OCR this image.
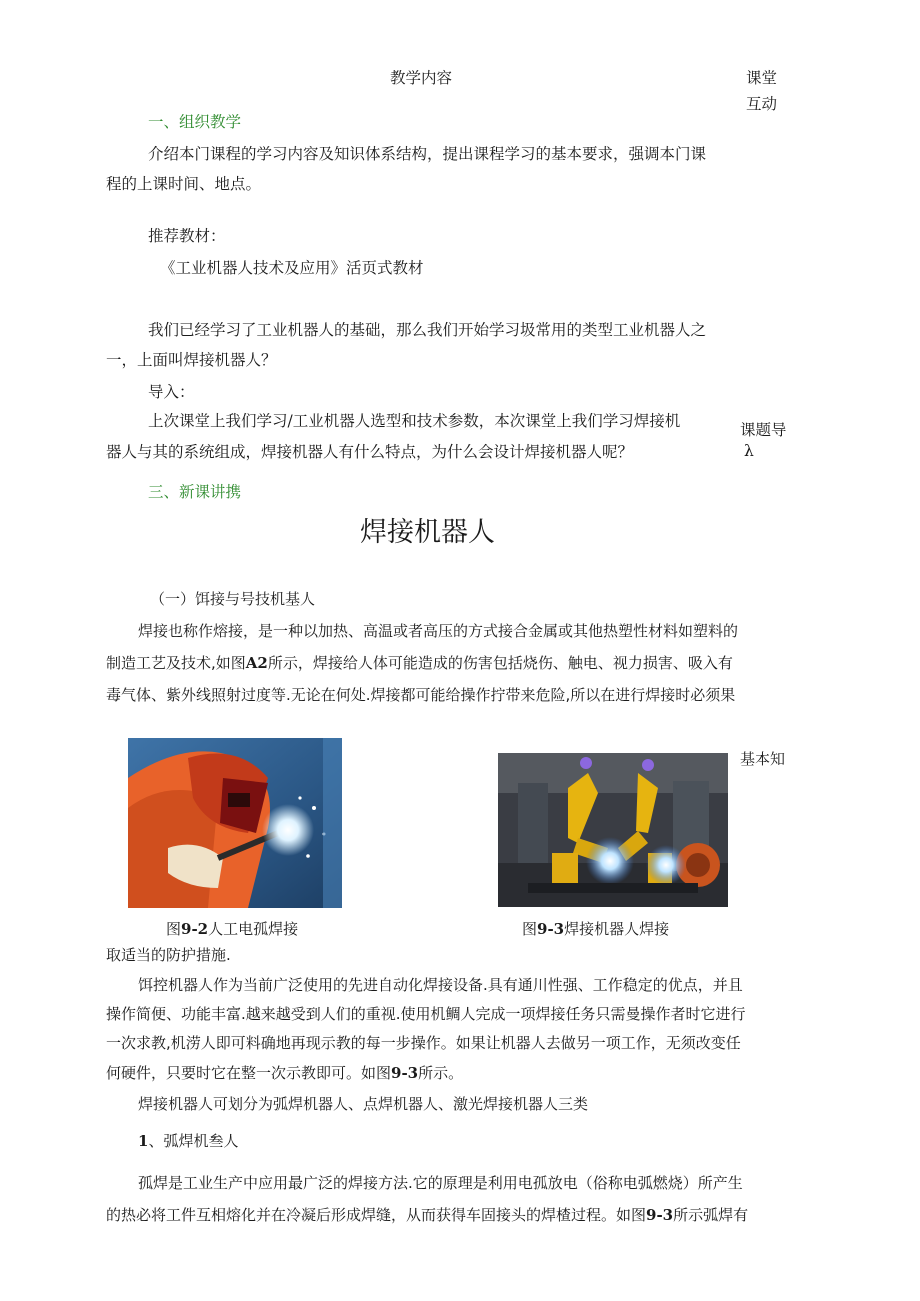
教学内容	课堂
互动
一、组织教学
介绍本门课程的学习内容及知识体系结构，提出课程学习的基本要求，强调本门课
程的上课时间、地点。
推荐教材：
《工业机器人技术及应用》活页式教材
我们已经学习了工业机器人的基础，那么我们开始学习圾常用的类型工业机器人之
一，上面叫焊接机器人？
导入：
上次课堂上我们学习/工业机器人选型和技术参数，本次课堂上我们学习焊接机
器人与其的系统组成，焊接机器人有什么特点，为什么会设计焊接机器人呢？
课题导
λ
三、新课讲携
焊接机器人
（一）饵接与号技机基人
焊接也称作熔接，是一种以加热、高温或者高压的方式接合金属或其他热塑性材料如塑料的
制造工艺及技术,如图A2所示，焊接给人体可能造成的伤害包括烧伤、触电、视力损害、吸入有
毒气体、紫外线照射过度等.无论在何处.焊接都可能给操作拧带来危险,所以在进行焊接时必须果
基本知
图9-2人工电孤焊接	图9-3焊接机器人焊接
取适当的防护措施.
饵控机器人作为当前广泛使用的先进自动化焊接设备.具有通川性强、工作稳定的优点，并且
操作简便、功能丰富.越来越受到人们的重视.使用机鲷人完成一项焊接任务只需曼操作者时它进行
一次求教,机涝人即可料确地再现示教的每一步操作。如果让机器人去做另一项工作，无须改变任
何硬件，只要时它在整一次示教即可。如图9-3所示。
焊接机器人可划分为弧焊机器人、点焊机器人、激光焊接机器人三类
1、弧焊机叁人
孤焊是工业生产中应用最广泛的焊接方法.它的原理是利用电孤放电（俗称电弧燃烧）所产生
的热必将工件互相熔化并在冷凝后形成焊缝，从而获得车固接头的焊楂过程。如图9-3所示弧焊有
